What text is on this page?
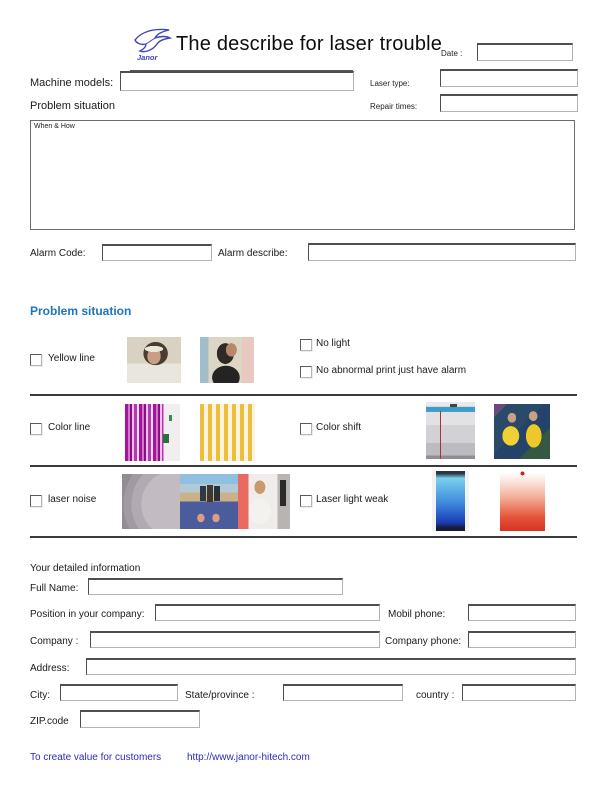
Janor
The describe for laser trouble
Date :
Machine models:	Laser type:
Problem situation	Repair times:
When & How
Alarm Code:	Alarm describe:
Problem situation
Yellow line
No light
No abnormal print just have alarm
Color line	Color shift
laser noise	Laser light weak
Your detailed information
Full Name:
Position in your company:	Mobil phone:
Company :	Company phone:
Address:
City:	State/province :	country :
ZIP.code
To create value for customers	http://www.janor-hitech.com
